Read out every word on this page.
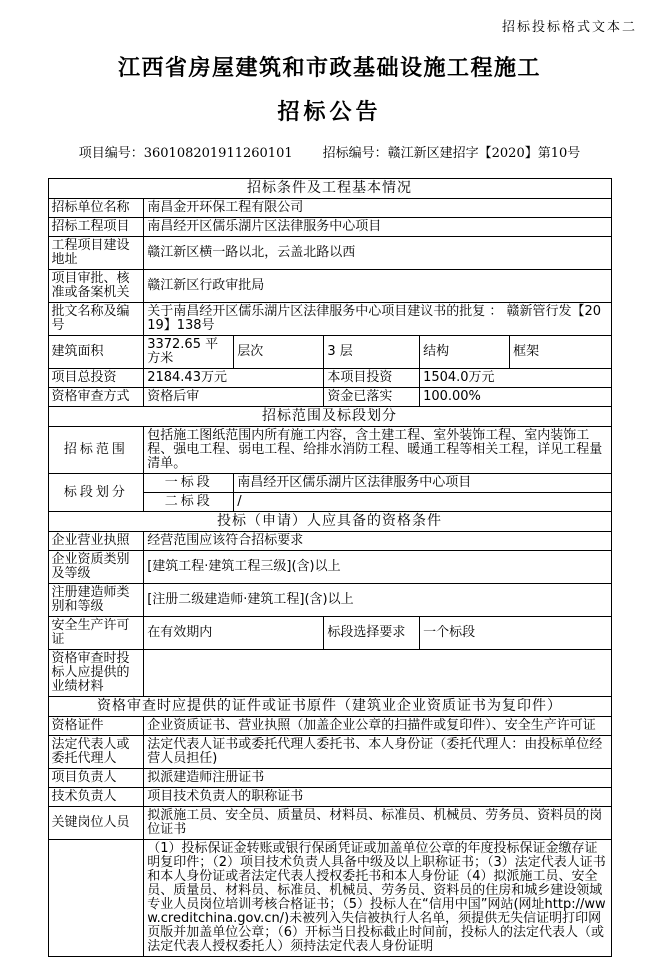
招标投标格式文本二
江西省房屋建筑和市政基础设施工程施工
招标公告
项目编号：360108201911260101 招标编号：赣江新区建招字【2020】第10号
招标条件及工程基本情况					
招标单位名称	南昌金开环保工程有限公司				
招标工程项目	南昌经开区儒乐湖片区法律服务中心项目				
工程项目建设地址	赣江新区横一路以北，云盖北路以西				
项目审批、核准或备案机关	赣江新区行政审批局				
批文名称及编号	关于南昌经开区儒乐湖片区法律服务中心项目建议书的批复 ： 赣新管行发【2019】138号				
建筑面积	3372.65 平方米	层次	3 层	结构	框架
项目总投资	2184.43万元		本项目投资	1504.0万元	
资格审查方式	资格后审		资金已落实	100.00%	
招标范围及标段划分					
招标范围	包括施工图纸范围内所有施工内容，含土建工程、室外装饰工程、室内装饰工程、强电工程、弱电工程、给排水消防工程、暖通工程等相关工程，详见工程量清单。				
标段划分	一标段	南昌经开区儒乐湖片区法律服务中心项目			
	二标段	/			
投标（申请）人应具备的资格条件					
企业营业执照	经营范围应该符合招标要求				
企业资质类别及等级	[建筑工程·建筑工程三级](含)以上				
注册建造师类别和等级	[注册二级建造师·建筑工程](含)以上				
安全生产许可证	在有效期内		标段选择要求	一个标段	
资格审查时投标人应提供的业绩材料					
资格审查时应提供的证件或证书原件（建筑业企业资质证书为复印件）					
资格证件	企业资质证书、营业执照（加盖企业公章的扫描件或复印件）、安全生产许可证				
法定代表人或委托代理人	法定代表人证书或委托代理人委托书、本人身份证（委托代理人：由投标单位经营人员担任)				
项目负责人	拟派建造师注册证书				
技术负责人	项目技术负责人的职称证书				
关键岗位人员	拟派施工员、安全员、质量员、材料员、标准员、机械员、劳务员、资料员的岗位证书				
	（1）投标保证金转账或银行保函凭证或加盖单位公章的年度投标保证金缴存证明复印件；（2）项目技术负责人具备中级及以上职称证书；（3）法定代表人证书和本人身份证或者法定代表人授权委托书和本人身份证（4）拟派施工员、安全员、质量员、材料员、标准员、机械员、劳务员、资料员的住房和城乡建设领域专业人员岗位培训考核合格证书；（5）投标人在“信用中国”网站(网址http://www.creditchina.gov.cn/)未被列入失信被执行人名单，须提供无失信证明打印网页版并加盖单位公章；（6）开标当日投标截止时间前，投标人的法定代表人（或法定代表人授权委托人）须持法定代表人身份证明				
